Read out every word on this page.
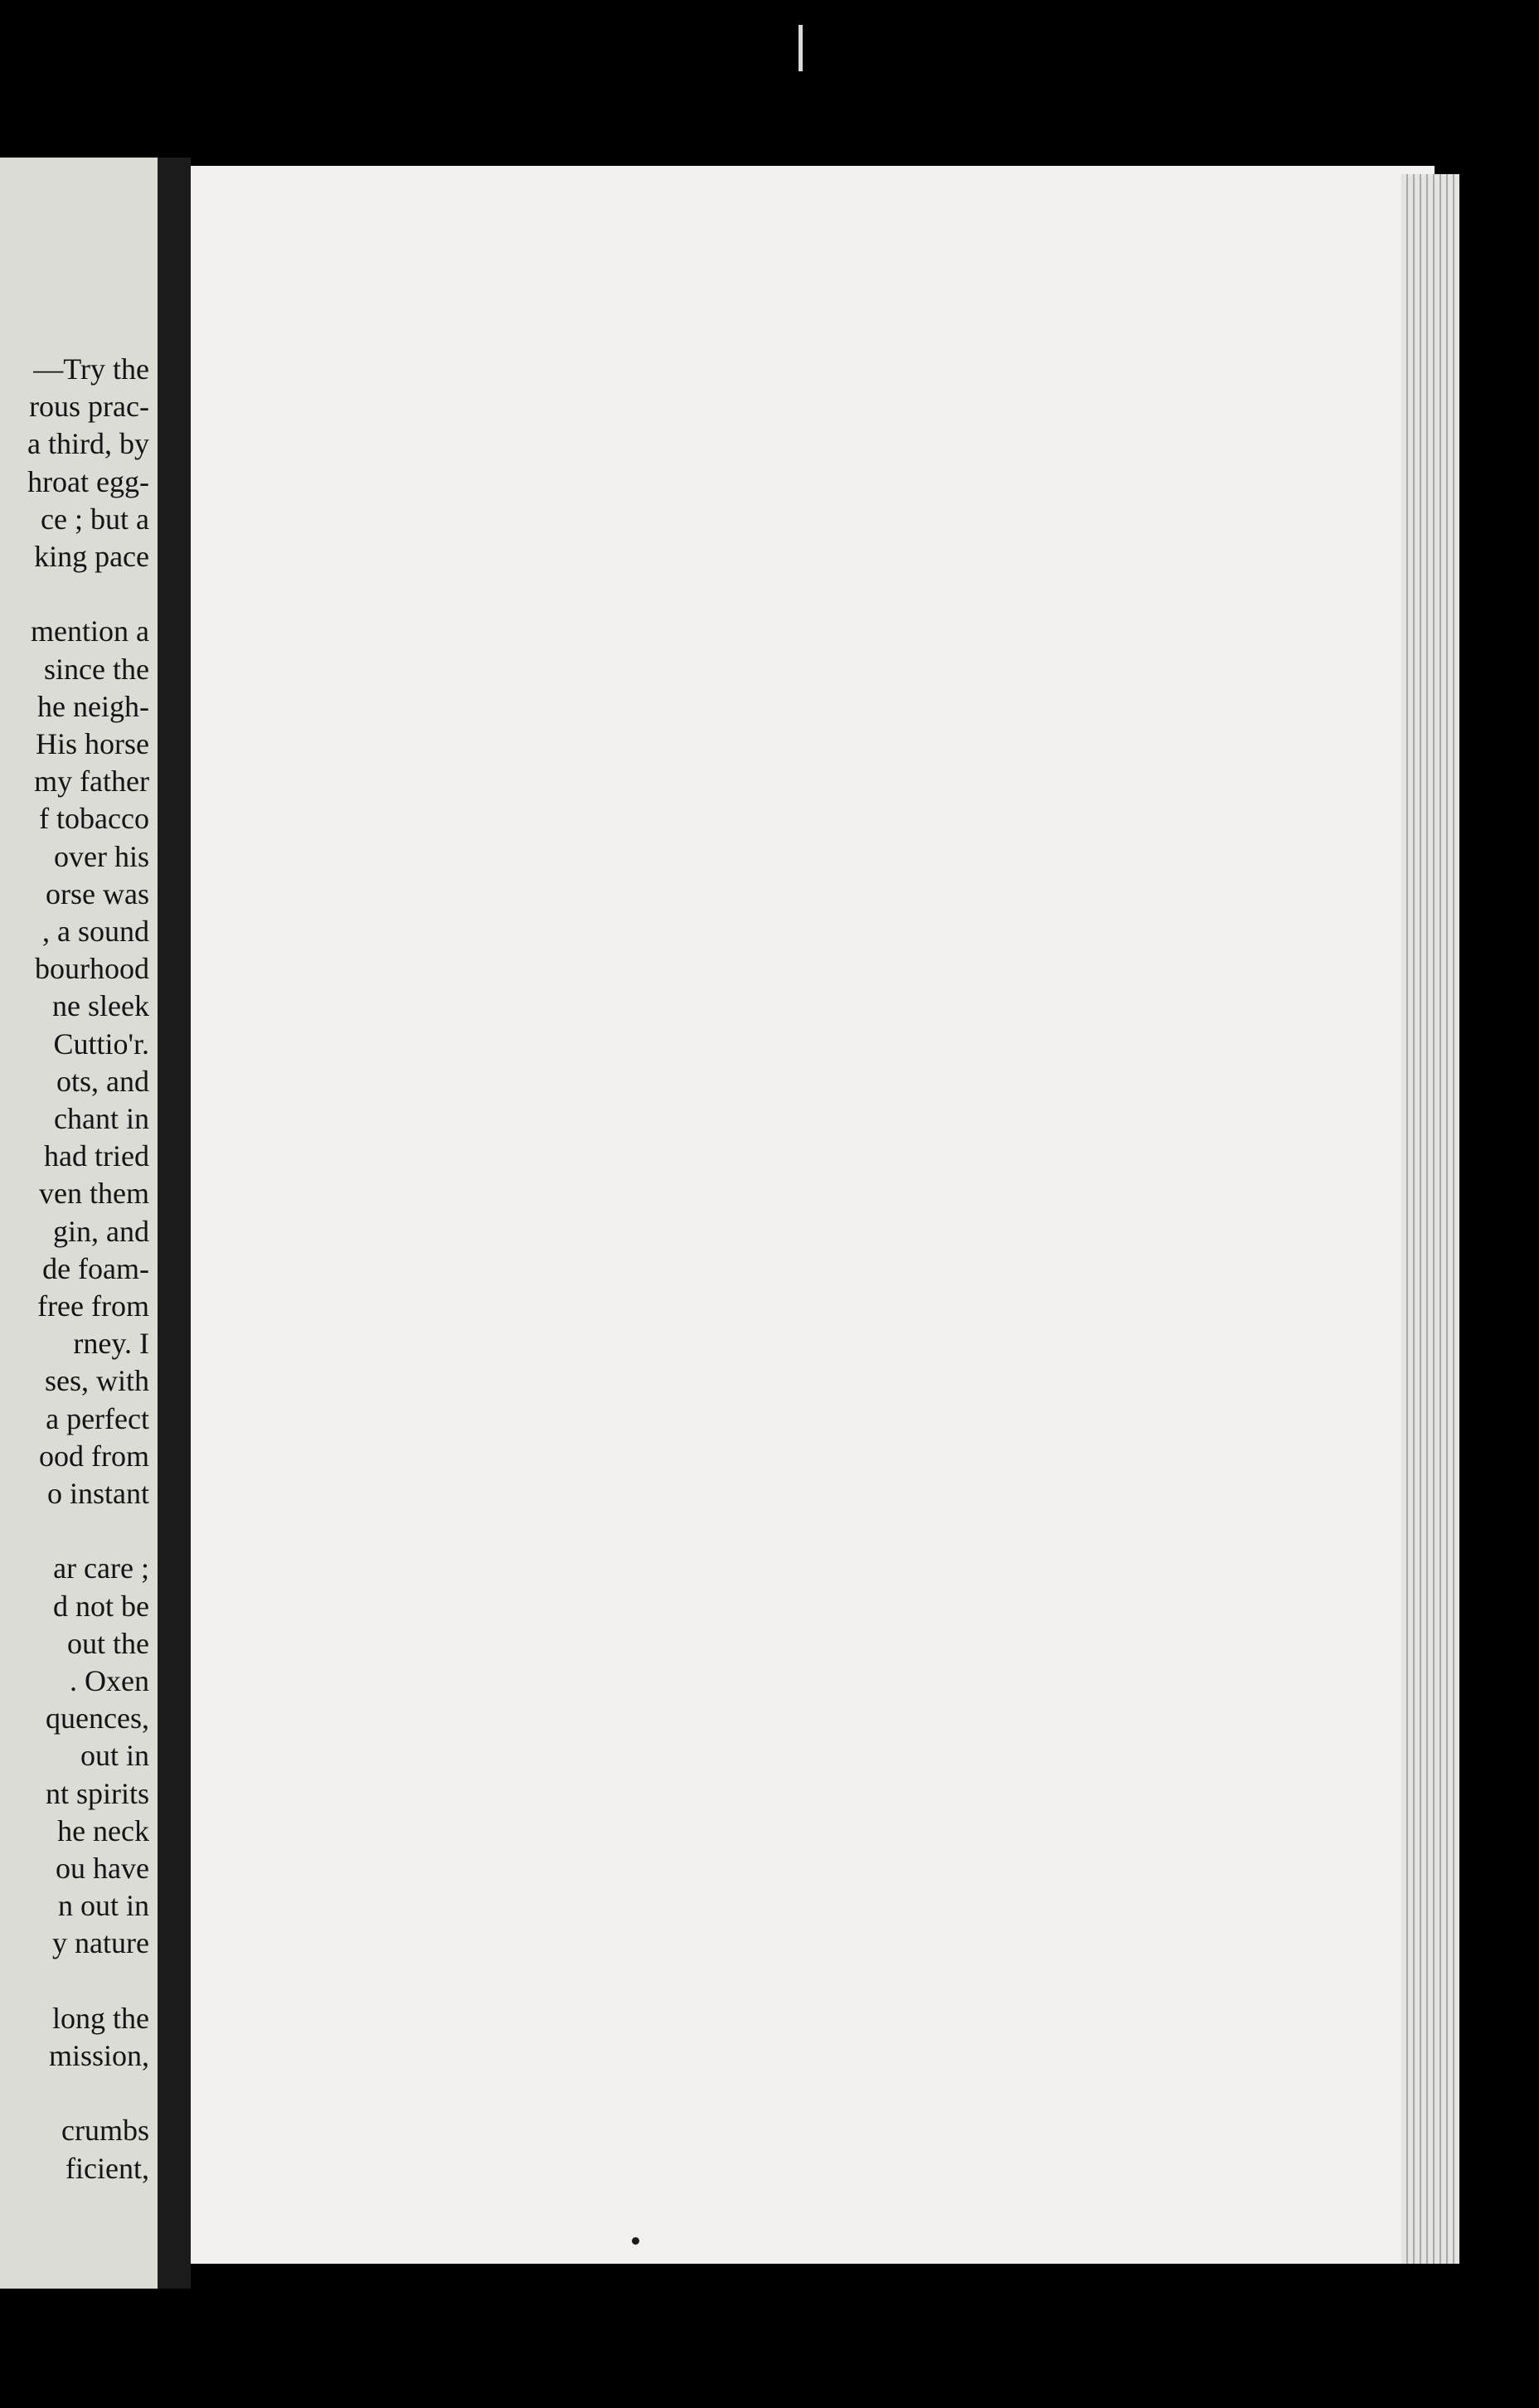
—Try the
rous prac-
a third, by
hroat egg-
ce ; but a
king pace
mention a
since the
he neigh-
His horse
my father
f tobacco
over his
orse was
, a sound
bourhood
ne sleek
Cuttio'r.
ots, and
chant in
had tried
ven them
gin, and
de foam-
free from
rney. I
ses, with
a perfect
ood from
o instant
ar care ;
d not be
out the
. Oxen
quences,
out in
nt spirits
he neck
ou have
n out in
y nature
long the
mission,
crumbs
ficient,
